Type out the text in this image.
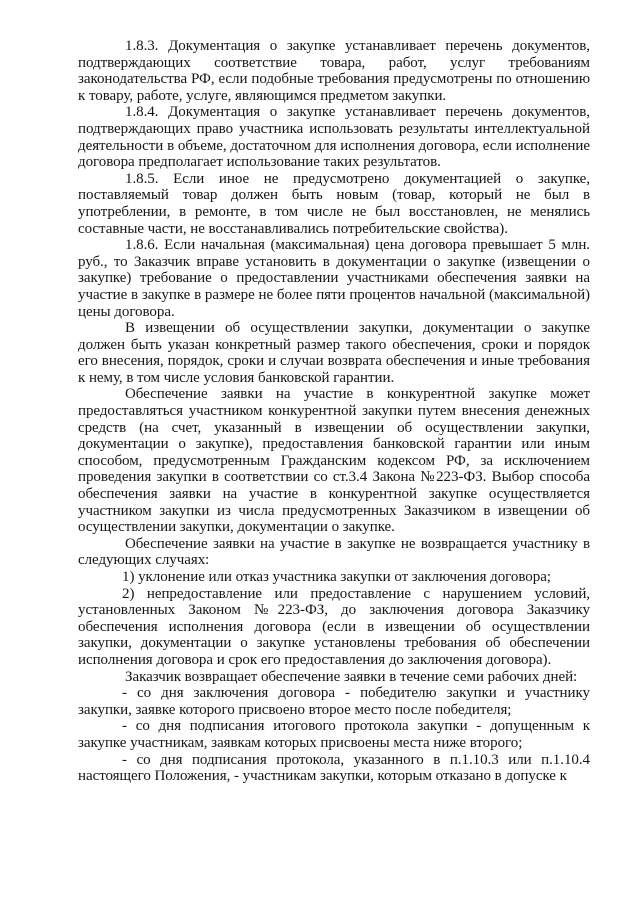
1.8.3. Документация о закупке устанавливает перечень документов, подтверждающих соответствие товара, работ, услуг требованиям законодательства РФ, если подобные требования предусмотрены по отношению к товару, работе, услуге, являющимся предметом закупки.

1.8.4. Документация о закупке устанавливает перечень документов, подтверждающих право участника использовать результаты интеллектуальной деятельности в объеме, достаточном для исполнения договора, если исполнение договора предполагает использование таких результатов.

1.8.5. Если иное не предусмотрено документацией о закупке, поставляемый товар должен быть новым (товар, который не был в употреблении, в ремонте, в том числе не был восстановлен, не менялись составные части, не восстанавливались потребительские свойства).

1.8.6. Если начальная (максимальная) цена договора превышает 5 млн. руб., то Заказчик вправе установить в документации о закупке (извещении о закупке) требование о предоставлении участниками обеспечения заявки на участие в закупке в размере не более пяти процентов начальной (максимальной) цены договора.

В извещении об осуществлении закупки, документации о закупке должен быть указан конкретный размер такого обеспечения, сроки и порядок его внесения, порядок, сроки и случаи возврата обеспечения и иные требования к нему, в том числе условия банковской гарантии.

Обеспечение заявки на участие в конкурентной закупке может предоставляться участником конкурентной закупки путем внесения денежных средств (на счет, указанный в извещении об осуществлении закупки, документации о закупке), предоставления банковской гарантии или иным способом, предусмотренным Гражданским кодексом РФ, за исключением проведения закупки в соответствии со ст.3.4 Закона №223-ФЗ. Выбор способа обеспечения заявки на участие в конкурентной закупке осуществляется участником закупки из числа предусмотренных Заказчиком в извещении об осуществлении закупки, документации о закупке.

Обеспечение заявки на участие в закупке не возвращается участнику в следующих случаях:

1) уклонение или отказ участника закупки от заключения договора;

2) непредоставление или предоставление с нарушением условий, установленных Законом №223-ФЗ, до заключения договора Заказчику обеспечения исполнения договора (если в извещении об осуществлении закупки, документации о закупке установлены требования об обеспечении исполнения договора и срок его предоставления до заключения договора).

Заказчик возвращает обеспечение заявки в течение семи рабочих дней:

- со дня заключения договора - победителю закупки и участнику закупки, заявке которого присвоено второе место после победителя;

- со дня подписания итогового протокола закупки - допущенным к закупке участникам, заявкам которых присвоены места ниже второго;

- со дня подписания протокола, указанного в п.1.10.3 или п.1.10.4 настоящего Положения, - участникам закупки, которым отказано в допуске к
